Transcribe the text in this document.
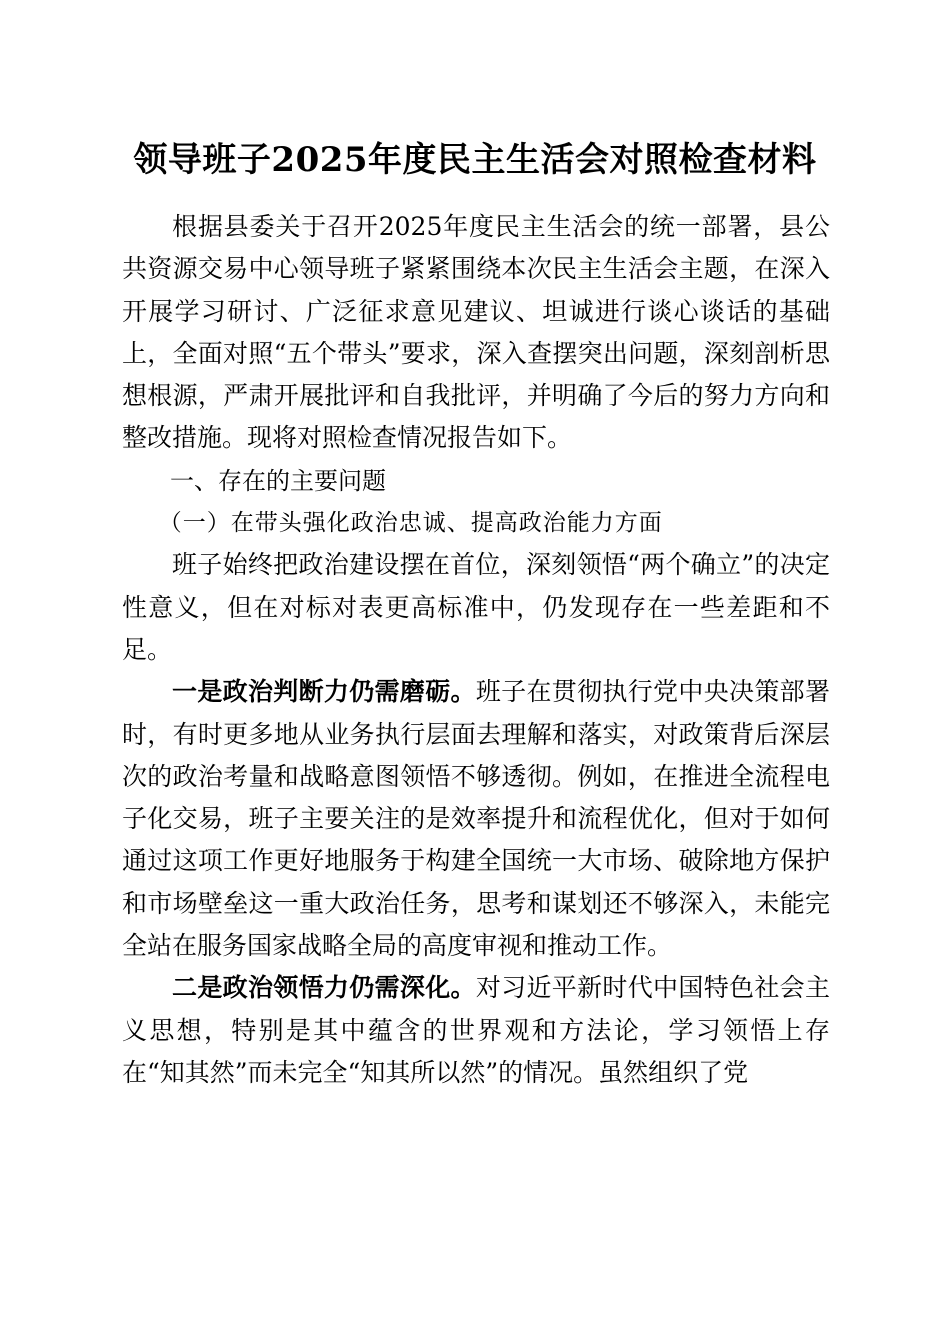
领导班子2025年度民主生活会对照检查材料

根据县委关于召开2025年度民主生活会的统一部署，县公共资源交易中心领导班子紧紧围绕本次民主生活会主题，在深入开展学习研讨、广泛征求意见建议、坦诚进行谈心谈话的基础上，全面对照“五个带头”要求，深入查摆突出问题，深刻剖析思想根源，严肃开展批评和自我批评，并明确了今后的努力方向和整改措施。现将对照检查情况报告如下。

一、存在的主要问题

（一）在带头强化政治忠诚、提高政治能力方面

班子始终把政治建设摆在首位，深刻领悟“两个确立”的决定性意义，但在对标对表更高标准中，仍发现存在一些差距和不足。

一是政治判断力仍需磨砺。班子在贯彻执行党中央决策部署时，有时更多地从业务执行层面去理解和落实，对政策背后深层次的政治考量和战略意图领悟不够透彻。例如，在推进全流程电子化交易，班子主要关注的是效率提升和流程优化，但对于如何通过这项工作更好地服务于构建全国统一大市场、破除地方保护和市场壁垒这一重大政治任务，思考和谋划还不够深入，未能完全站在服务国家战略全局的高度审视和推动工作。

二是政治领悟力仍需深化。对习近平新时代中国特色社会主义思想，特别是其中蕴含的世界观和方法论，学习领悟上存在“知其然”而未完全“知其所以然”的情况。虽然组织了党
